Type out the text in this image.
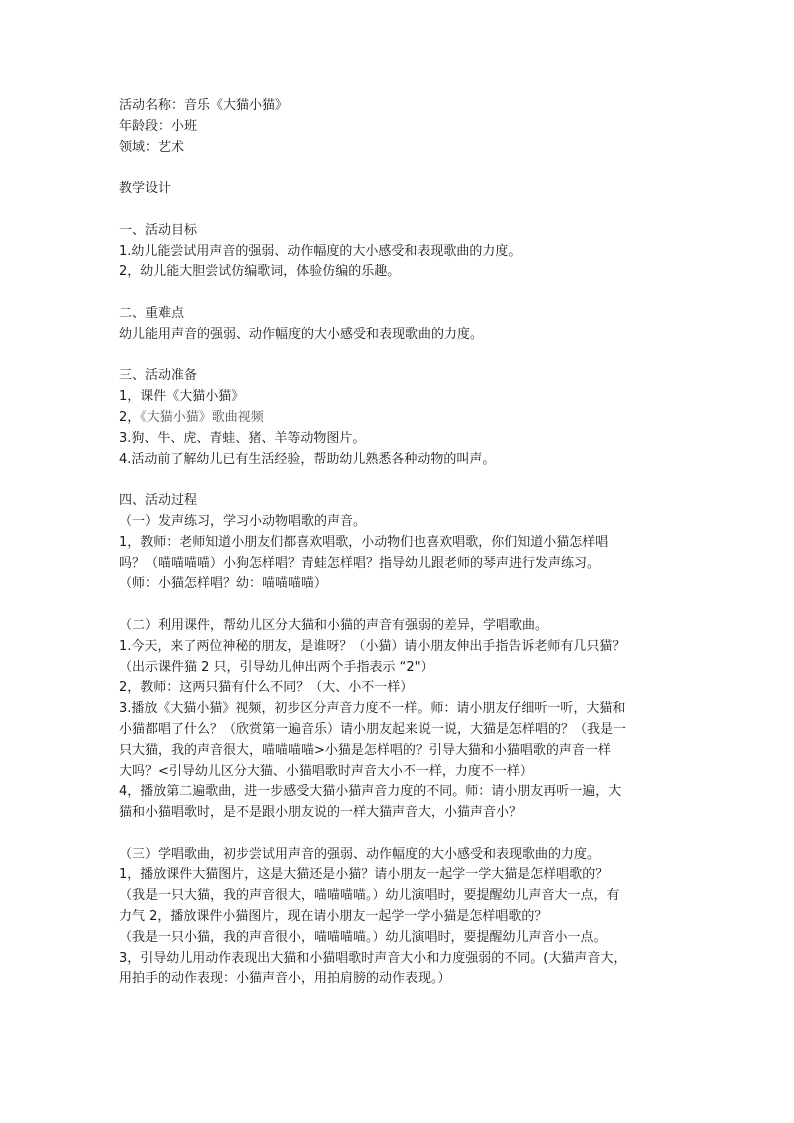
活动名称：音乐《大猫小猫》

年龄段：小班

领域：艺术

教学设计

一、活动目标

1.幼儿能尝试用声音的强弱、动作幅度的大小感受和表现歌曲的力度。

2，幼儿能大胆尝试仿编歌词，体验仿编的乐趣。

二、重难点

幼儿能用声音的强弱、动作幅度的大小感受和表现歌曲的力度。

三、活动准备

1，课件《大猫小猫》

2，《大猫小猫》歌曲视频

3.狗、牛、虎、青蛙、猪、羊等动物图片。

4.活动前了解幼儿已有生活经验，帮助幼儿熟悉各种动物的叫声。

四、活动过程

（一）发声练习，学习小动物唱歌的声音。

1，教师：老师知道小朋友们都喜欢唱歌，小动物们也喜欢唱歌，你们知道小猫怎样唱

吗？（喵喵喵喵）小狗怎样唱？青蛙怎样唱？指导幼儿跟老师的琴声进行发声练习。

（师：小猫怎样唱？幼：喵喵喵喵）

（二）利用课件，帮幼儿区分大猫和小猫的声音有强弱的差异，学唱歌曲。

1.今天，来了两位神秘的朋友，是谁呀？（小猫）请小朋友伸出手指告诉老师有几只猫？

（出示课件猫 2 只，引导幼儿伸出两个手指表示 “2"）

2，教师：这两只猫有什么不同？（大、小不一样）

3.播放《大猫小猫》视频，初步区分声音力度不一样。师：请小朋友仔细听一听，大猫和

小猫都唱了什么？（欣赏第一遍音乐）请小朋友起来说一说，大猫是怎样唱的？（我是一

只大猫，我的声音很大，喵喵喵喵>小猫是怎样唱的？引导大猫和小猫唱歌的声音一样

大吗？<引导幼儿区分大猫、小猫唱歌时声音大小不一样，力度不一样）

4，播放第二遍歌曲，进一步感受大猫小猫声音力度的不同。师：请小朋友再听一遍，大

猫和小猫唱歌时，是不是跟小朋友说的一样大猫声音大，小猫声音小？

（三）学唱歌曲，初步尝试用声音的强弱、动作幅度的大小感受和表现歌曲的力度。

1，播放课件大猫图片，这是大猫还是小猫？请小朋友一起学一学大猫是怎样唱歌的？

（我是一只大猫，我的声音很大，喵喵喵喵。）幼儿演唱时，要提醒幼儿声音大一点，有

力气 2，播放课件小猫图片，现在请小朋友一起学一学小猫是怎样唱歌的？

（我是一只小猫，我的声音很小，喵喵喵喵。）幼儿演唱时，要提醒幼儿声音小一点。

3，引导幼儿用动作表现出大猫和小猫唱歌时声音大小和力度强弱的不同。(大猫声音大，

用拍手的动作表现：小猫声音小，用拍肩膀的动作表现。）
